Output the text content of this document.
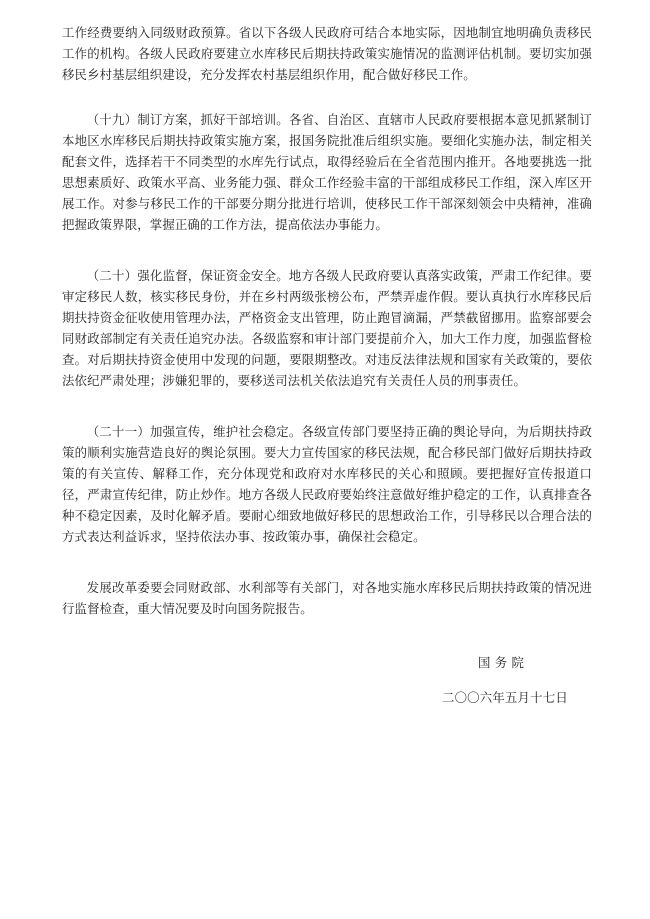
工作经费要纳入同级财政预算。省以下各级人民政府可结合本地实际，因地制宜地明确负责移民工作的机构。各级人民政府要建立水库移民后期扶持政策实施情况的监测评估机制。要切实加强移民乡村基层组织建设，充分发挥农村基层组织作用，配合做好移民工作。

（十九）制订方案，抓好干部培训。各省、自治区、直辖市人民政府要根据本意见抓紧制订本地区水库移民后期扶持政策实施方案，报国务院批准后组织实施。要细化实施办法，制定相关配套文件，选择若干不同类型的水库先行试点，取得经验后在全省范围内推开。各地要挑选一批思想素质好、政策水平高、业务能力强、群众工作经验丰富的干部组成移民工作组，深入库区开展工作。对参与移民工作的干部要分期分批进行培训，使移民工作干部深刻领会中央精神，准确把握政策界限，掌握正确的工作方法，提高依法办事能力。

（二十）强化监督，保证资金安全。地方各级人民政府要认真落实政策，严肃工作纪律。要审定移民人数，核实移民身份，并在乡村两级张榜公布，严禁弄虚作假。要认真执行水库移民后期扶持资金征收使用管理办法，严格资金支出管理，防止跑冒滴漏，严禁截留挪用。监察部要会同财政部制定有关责任追究办法。各级监察和审计部门要提前介入，加大工作力度，加强监督检查。对后期扶持资金使用中发现的问题，要限期整改。对违反法律法规和国家有关政策的，要依法依纪严肃处理；涉嫌犯罪的，要移送司法机关依法追究有关责任人员的刑事责任。

（二十一）加强宣传，维护社会稳定。各级宣传部门要坚持正确的舆论导向，为后期扶持政策的顺利实施营造良好的舆论氛围。要大力宣传国家的移民法规，配合移民部门做好后期扶持政策的有关宣传、解释工作，充分体现党和政府对水库移民的关心和照顾。要把握好宣传报道口径，严肃宣传纪律，防止炒作。地方各级人民政府要始终注意做好维护稳定的工作，认真排查各种不稳定因素，及时化解矛盾。要耐心细致地做好移民的思想政治工作，引导移民以合理合法的方式表达利益诉求，坚持依法办事、按政策办事，确保社会稳定。

发展改革委要会同财政部、水利部等有关部门，对各地实施水库移民后期扶持政策的情况进行监督检查，重大情况要及时向国务院报告。

国 务 院
二〇〇六年五月十七日
